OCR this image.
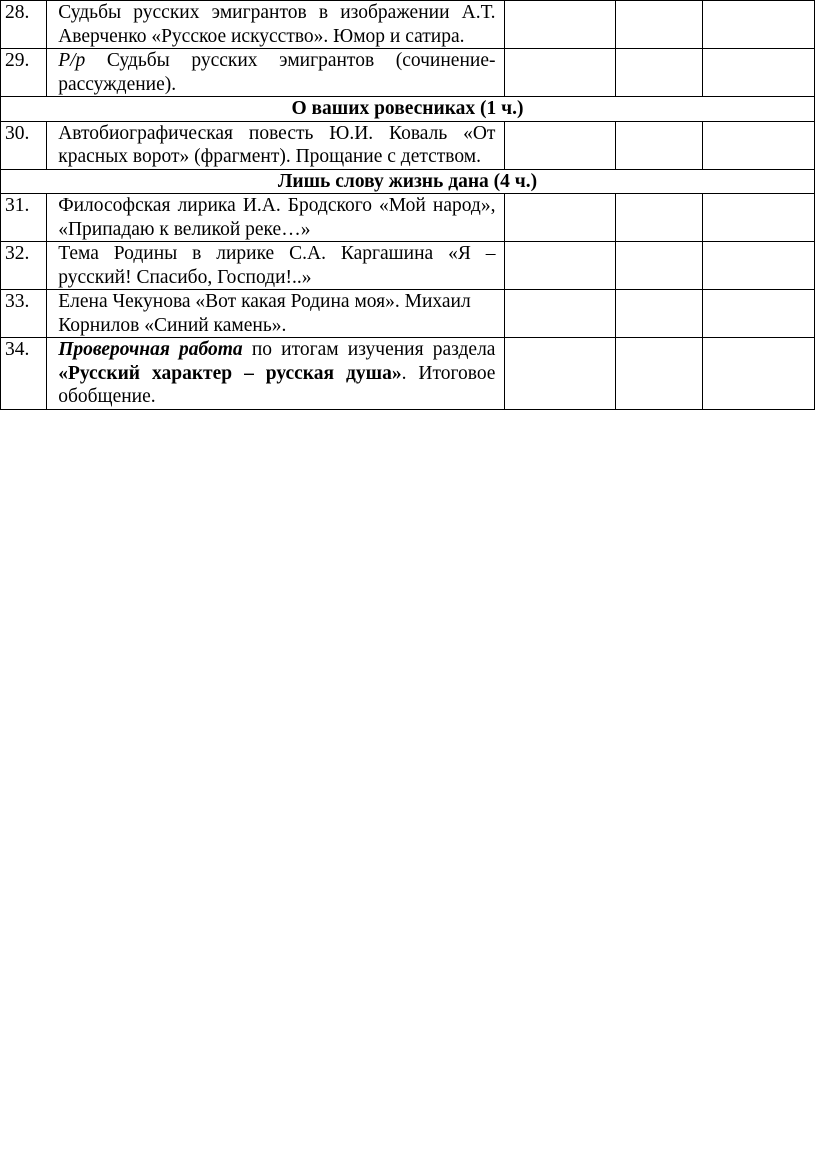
28.	Судьбы русских эмигрантов в изображении А.Т. Аверченко «Русское искусство». Юмор и сатира.			
29.	Р/р Судьбы русских эмигрантов (сочинение-рассуждение).			
О ваших ровесниках (1 ч.)				
30.	Автобиографическая повесть Ю.И. Коваль «От красных ворот» (фрагмент). Прощание с детством.			
Лишь слову жизнь дана (4 ч.)				
31.	Философская лирика И.А. Бродского «Мой народ», «Припадаю к великой реке…»			
32.	Тема Родины в лирике С.А. Каргашина «Я – русский! Спасибо, Господи!..»			
33.	Елена Чекунова «Вот какая Родина моя». Михаил Корнилов «Синий камень».			
34.	Проверочная работа по итогам изучения раздела «Русский характер – русская душа». Итоговое обобщение.			
